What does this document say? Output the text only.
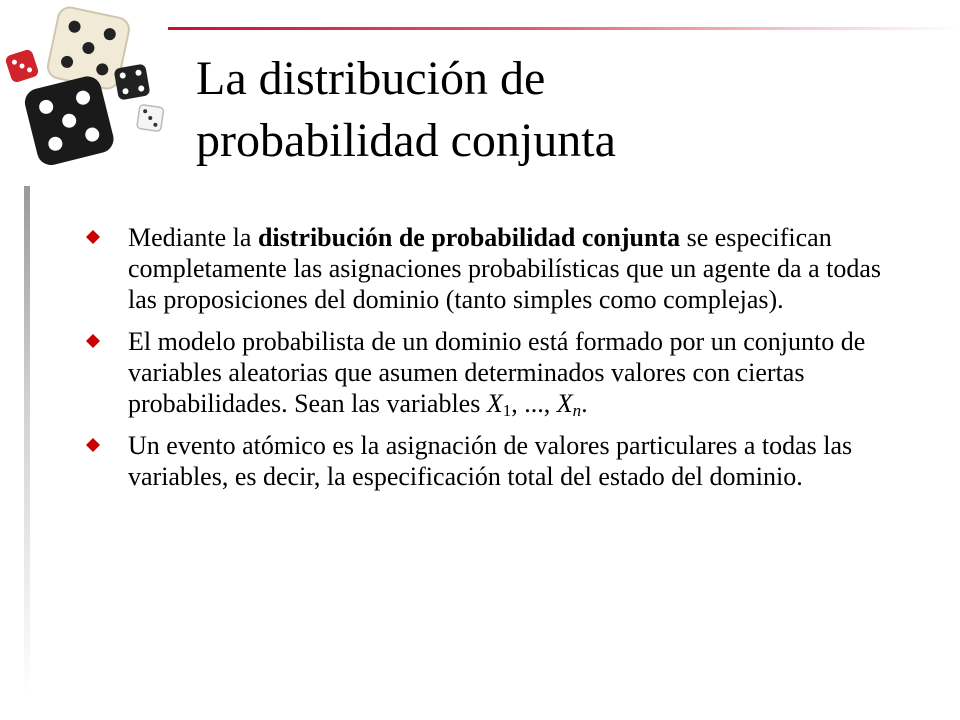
La distribución de
probabilidad conjunta
Mediante la distribución de probabilidad conjunta se especifican completamente las asignaciones probabilísticas que un agente da a todas las proposiciones del dominio (tanto simples como complejas).
El modelo probabilista de un dominio está formado por un conjunto de variables aleatorias que asumen determinados valores con ciertas probabilidades. Sean las variables $X_1$, ..., $X_n$.
Un evento atómico es la asignación de valores particulares a todas las variables, es decir, la especificación total del estado del dominio.
